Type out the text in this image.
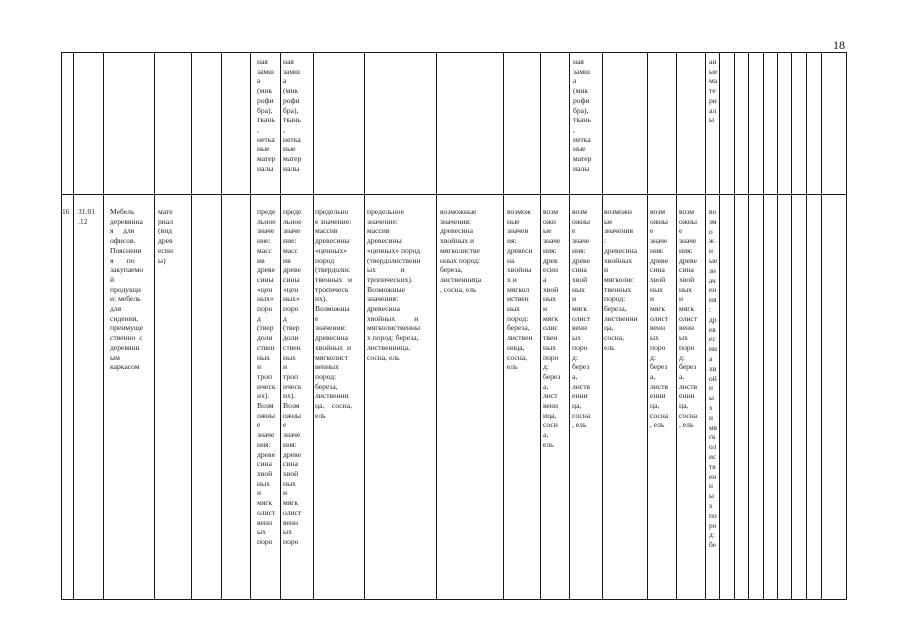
18
ная
замш
а
(мик
рофи
бра),
ткань
,
нетка
ные
матер
иалы
ная
замш
а
(мик
рофи
бра),
ткань
,
нетка
ные
матер
иалы
ная
замш
а
(мик
рофи
бра),
ткань
,
нетка
ные
матер
иалы
ан
ые
ма
те
ри
ал
ы
16 31.01
.12
Мебель
деревянна
я     для
офисов.
Пояснени
я       по
закупаемо
й
продукци
и: мебель
для
сидения,
преимуще
ственно  с
деревянн
ым
каркасом
мате
риал
(вид
древ
есин
ы)
преде
льное
значе
ние:
масс
ив
древе
сины
«цен
ных»
поро
д
(твер
доли
ствен
ных
и
троп
ическ
их).
Возм
ожны
е
значе
ния:
древе
сина
хвой
ных
и
мягк
олист
венн
ых
поро
преде
льное
значе
ние:
масс
ив
древе
сины
«цен
ных»
поро
д
(твер
доли
ствен
ных
и
троп
ическ
их).
Возм
ожны
е
значе
ния:
древе
сина
хвой
ных
и
мягк
олист
венн
ых
поро
предельно
е значение:
массив
древесины
«ценных»
пород
(твердолис
твенных   и
тропическ
их).
Возможны
е
значения:
древесина
хвойных  и
мягколист
венных
пород:
березa,
лиственни
ца,    сосна,
ель
предельное
значение:
массив
древесины
«ценных» пород
(твердолиственн
ых             и
тропических).
Возможные
значения:
древесина
хвойных          и
мягколиственны
х пород: береза,
лиственница,
сосна, ель
возможные
значения:
древесина
хвойных и
мягколистве
нных пород:
береза,
лиственница
, сосна, ель
возмож
ные
значен
ия:
древеси
на
хвойны
х и
мягкол
иствен
ных
пород:
береза,
листвен
ница,
сосна,
ель
возм
ожн
ые
значе
ния:
древ
есин
а
хвой
ных
и
мягк
олис
твен
ных
поро
д:
берез
а,
лист
венн
ица,
сосн
а,
ель
возм
ожны
е
значе
ния:
древе
сина
хвой
ных
и
мягк
олист
венн
ых
поро
д:
берез
а,
листв
енни
ца,
сосна
, ель
возможн
ые
значения
:
древесина
хвойных
и
мягколис
твенных
пород:
береза,
лиственни
ца,
сосна,
ель
возм
ожны
е
значе
ния:
древе
сина
хвой
ных
и
мягк
олист
венн
ых
поро
д:
берез
а,
листв
енни
ца,
сосна
, ель
возм
ожны
е
значе
ния:
древе
сина
хвой
ных
и
мягк
олист
венн
ых
поро
д:
берез
а,
листв
енни
ца,
сосна
, ель
во
зм
о
ж
н
ые
зн
ач
ен
ия
:
др
ев
ес
ин
а
хв
ой
н
ы
х
и
мя
гк
ол
ис
тв
ен
н
ы
х
по
ро
д:
бе
